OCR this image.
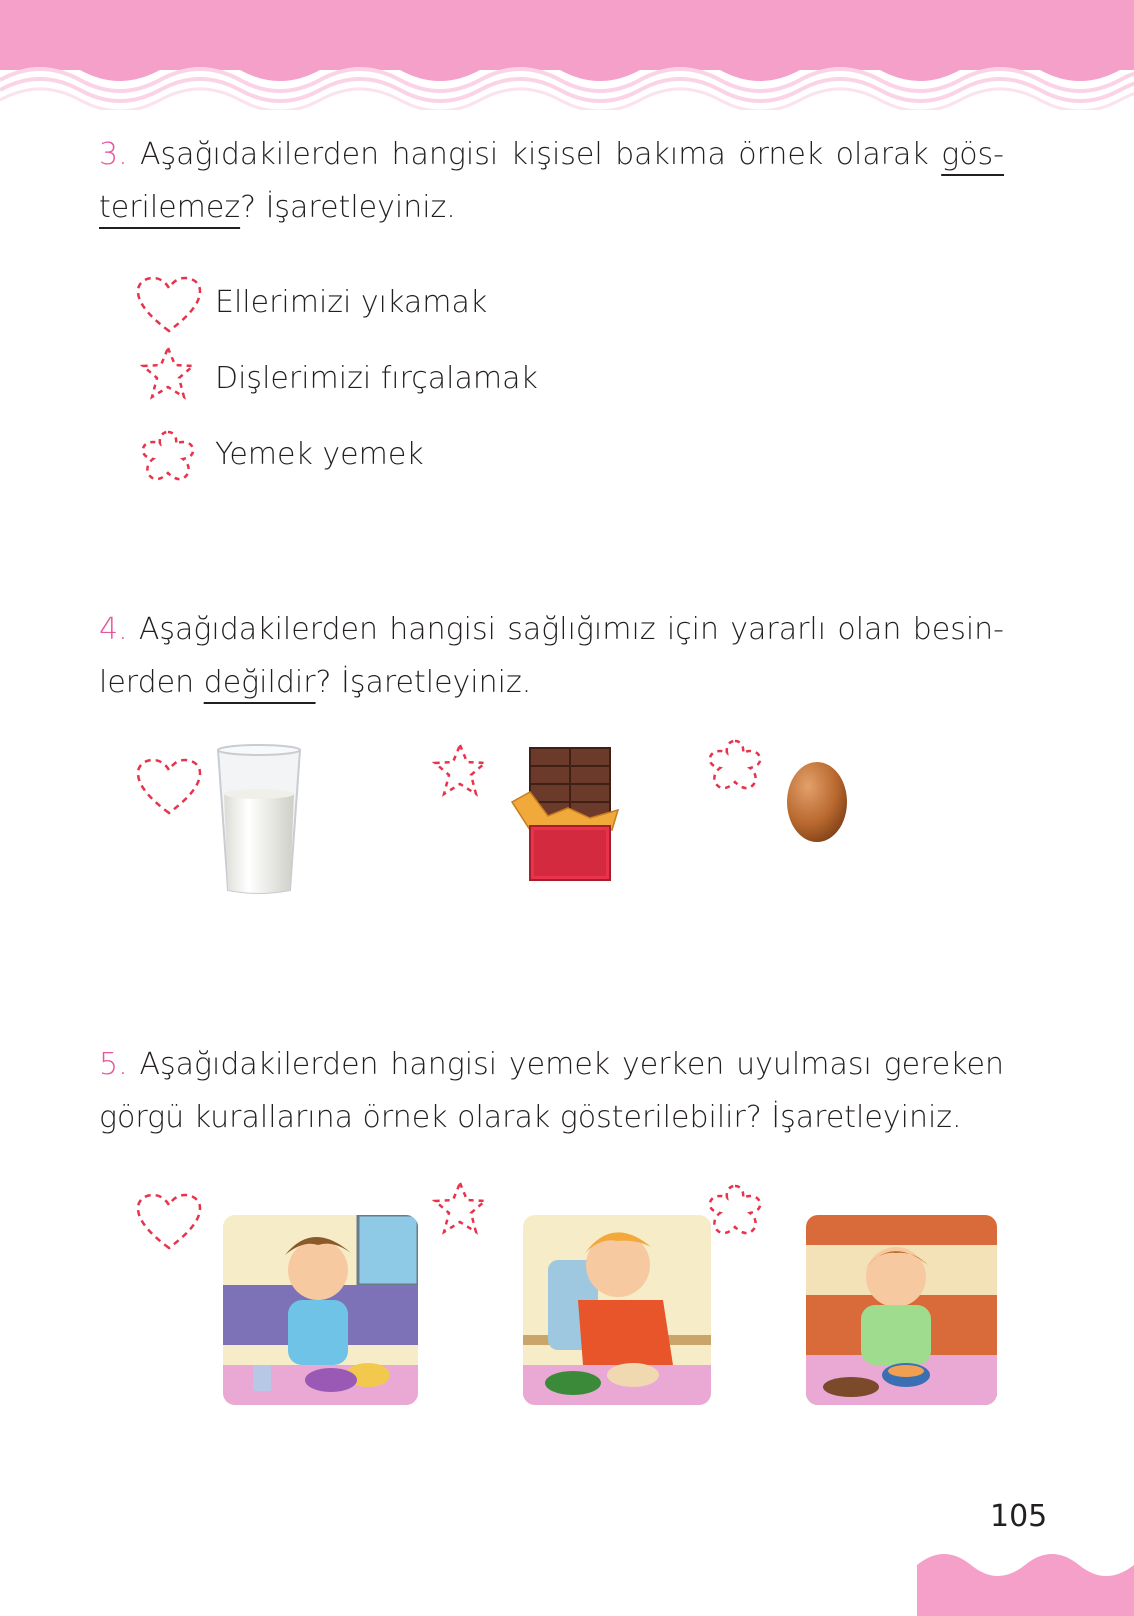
3. Aşağıdakilerden hangisi kişisel bakıma örnek olarak gös-
terilemez? İşaretleyiniz.
Ellerimizi yıkamak
Dişlerimizi fırçalamak
Yemek yemek
4. Aşağıdakilerden hangisi sağlığımız için yararlı olan besin-
lerden değildir? İşaretleyiniz.
5. Aşağıdakilerden hangisi yemek yerken uyulması gereken
görgü kurallarına örnek olarak gösterilebilir? İşaretleyiniz.
105
